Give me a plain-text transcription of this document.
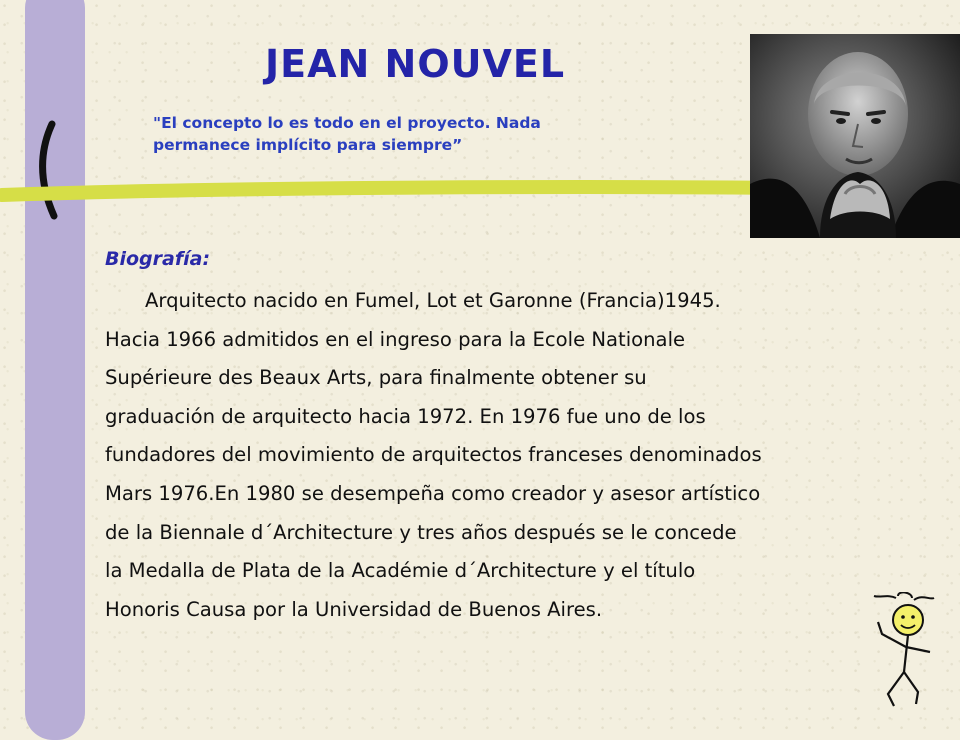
JEAN NOUVEL
"El concepto lo es todo en el proyecto. Nada
permanece implícito para siempre”
Biografía:
Arquitecto nacido en Fumel, Lot et Garonne (Francia)1945.
Hacia 1966 admitidos en el ingreso para la Ecole Nationale
Supérieure des Beaux Arts, para finalmente obtener su
graduación de arquitecto hacia 1972. En 1976 fue uno de los
fundadores del movimiento de arquitectos franceses denominados
Mars 1976.En 1980 se desempeña como creador y asesor artístico
de la Biennale d´Architecture y tres años después se le concede
la Medalla de Plata de la Académie d´Architecture y el título
Honoris Causa por la Universidad de Buenos Aires.
